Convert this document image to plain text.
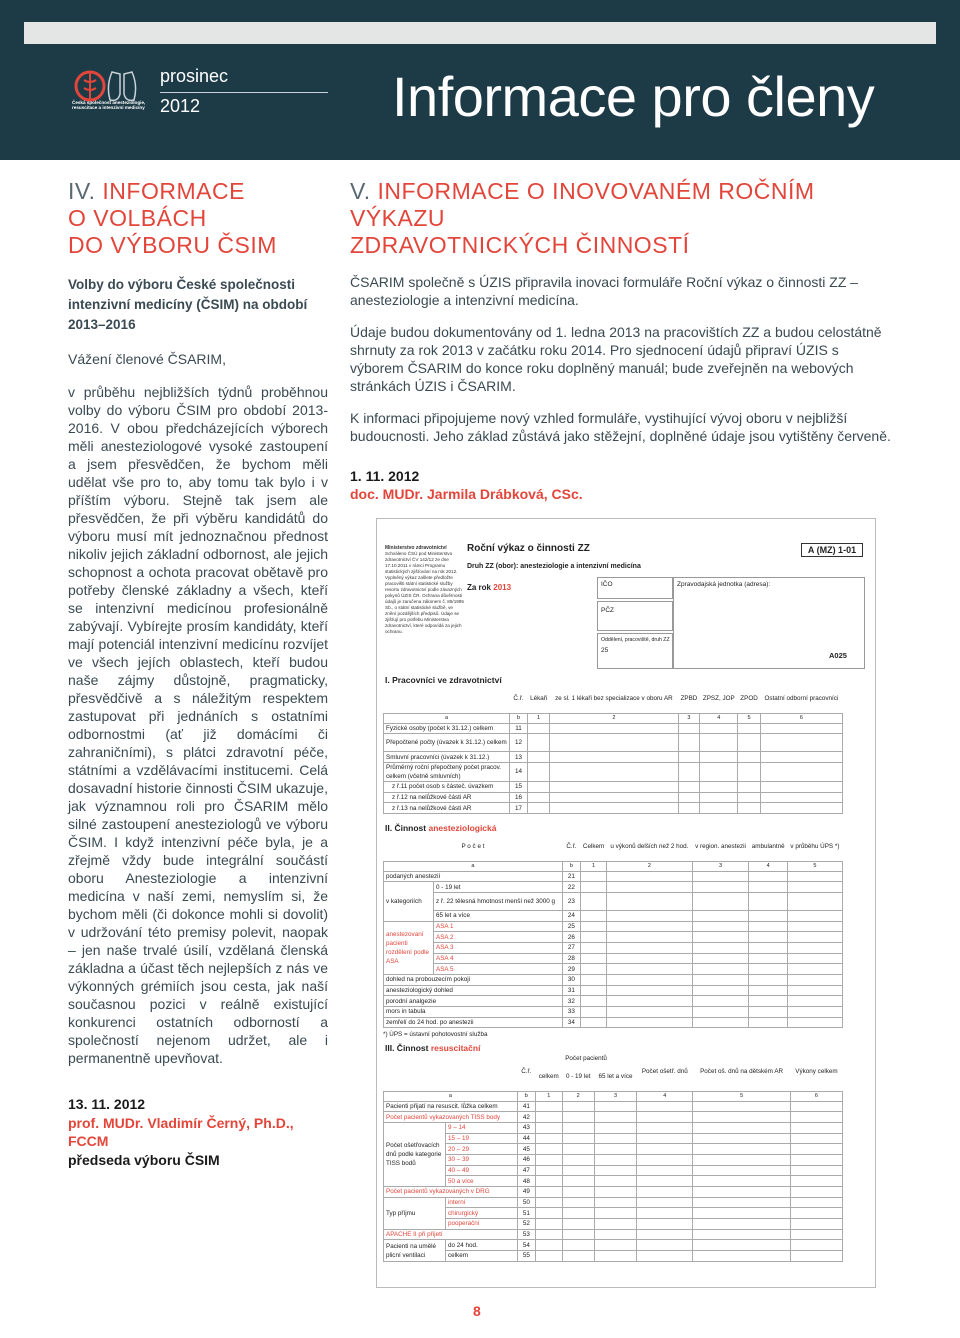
Česká společnost anesteziologie, resuscitace a intenzivní medicíny
prosinec
2012	Informace pro členy
IV. INFORMACE
O VOLBÁCH
DO VÝBORU ČSIM
Volby do výboru České společnosti intenzivní medicíny (ČSIM) na období 2013–2016
Vážení členové ČSARIM,
v průběhu nejbližších týdnů proběhnou volby do výboru ČSIM pro období 2013-2016. V obou předcházejících výborech měli anesteziologové vysoké zastoupení a jsem přesvědčen, že bychom měli udělat vše pro to, aby tomu tak bylo i v příštím výboru. Stejně tak jsem ale přesvědčen, že při výběru kandidátů do výboru musí mít jednoznačnou přednost nikoliv jejich základní odbornost, ale jejich schopnost a ochota pracovat obětavě pro potřeby členské základny a všech, kteří se intenzivní medicínou profesionálně zabývají. Vybírejte prosím kandidáty, kteří mají potenciál intenzivní medicínu rozvíjet ve všech jejích oblastech, kteří budou naše zájmy důstojně, pragmaticky, přesvědčivě a s náležitým respektem zastupovat při jednáních s ostatními odbornostmi (ať již domácími či zahraničními), s plátci zdravotní péče, státními a vzdělávacími institucemi. Celá dosavadní historie činnosti ČSIM ukazuje, jak významnou roli pro ČSARIM mělo silné zastoupení anesteziologů ve výboru ČSIM. I když intenzivní péče byla, je a zřejmě vždy bude integrální součástí oboru Anesteziologie a intenzivní medicína v naší zemi, nemyslím si, že bychom měli (či dokonce mohli si dovolit) v udržování této premisy polevit, naopak – jen naše trvalé úsilí, vzdělaná členská základna a účast těch nejlepších z nás ve výkonných grémiích jsou cesta, jak naší současnou pozici v reálně existující konkurenci ostatních odborností a společností nejenom udržet, ale i permanentně upevňovat.
13. 11. 2012
prof. MUDr. Vladimír Černý, Ph.D., FCCM
předseda výboru ČSIM
V. INFORMACE O INOVOVANÉM ROČNÍM VÝKAZU
ZDRAVOTNICKÝCH ČINNOSTÍ

ČSARIM společně s ÚZIS připravila inovaci formuláře Roční výkaz o činnosti ZZ – anesteziologie a intenzivní medicína.

Údaje budou dokumentovány od 1. ledna 2013 na pracovištích ZZ a budou celostátně shrnuty za rok 2013 v začátku roku 2014. Pro sjednocení údajů připraví ÚZIS s výborem ČSARIM do konce roku doplněný manuál; bude zveřejněn na webových stránkách ÚZIS i ČSARIM.

K informaci připojujeme nový vzhled formuláře, vystihující vývoj oboru v nejbližší budoucnosti. Jeho základ zůstává jako stěžejní, doplněné údaje jsou vytištěny červeně.

1. 11. 2012
doc. MUDr. Jarmila Drábková, CSc.
Ministerstvo zdravotnictví
Schváleno ČSÚ pod Ministerstvo zdravotnictví ČV 142/12 ze dne 17.10.2011 v rámci Programu statistických zjišťování na rok 2012. Vyplněný výkaz zašlete předložte pracovišti státní statistické služby resortu zdravotnictví podle závazných pokynů ÚZIS ČR. Ochrana důvěrnosti údajů je zaručena zákonem č. 89/1995 Sb., o státní statistické službě, ve znění pozdějších předpisů. Údaje se zjišťují pro potřebu Ministerstva zdravotnictví, které odpovídá za jejich ochranu.
Roční výkaz o činnosti ZZ	A (MZ) 1-01
Druh ZZ (obor): anesteziologie a intenzivní medicína
Za rok 2013	IČO	Zpravodajská jednotka (adresa):
PČZ
Oddělení, pracoviště, druh ZZ
25
A025
I. Pracovníci ve zdravotnictví
	Č.ř.	Lékaři	ze sl. 1 lékaři bez specializace v oboru AR	ZPBD	ZPSZ, JOP	ZPOD	Ostatní odborní pracovníci
a	b	1	2	3	4	5	6
Fyzické osoby (počet k 31.12.) celkem	11						
Přepočtené počty (úvazek k 31.12.) celkem	12						
Smluvní pracovníci (úvazek k 31.12.)	13						
Průměrný roční přepočtený počet pracov. celkem (včetně smluvních)	14						
z ř.11 počet osob s částeč. úvazkem	15						
z ř.12 na nelůžkové části AR	16						
z ř.13 na nelůžkové části AR	17						
II. Činnost anesteziologická
P o č e t		Č.ř.	Celkem	u výkonů delších než 2 hod.	v region. anestezii	ambulantně	v průběhu ÚPS *)
a		b	1	2	3	4	5
podaných anestezií		21					
v kategoriích	0 - 19 let	22					
	z ř. 22 tělesná hmotnost menší než 3000 g	23					
	65 let a více	24					
anestezovaní pacienti rozdělení podle ASA	ASA 1	25					
	ASA 2	26					
	ASA 3	27					
	ASA 4	28					
	ASA 5	29					
dohled na probouzecím pokoji		30					
anesteziologický dohled		31					
porodní analgezie		32					
mors in tabula		33					
zemřelí do 24 hod. po anestezii		34					
*) ÚPS = ústavní pohotovostní služba
III. Činnost resuscitační
		Č.ř.	Počet pacientů			Počet ošetř. dnů	Počet oš. dnů na dětském AR	Výkony celkem
			celkem	0 - 19 let	65 let a více			
a		b	1	2	3	4	5	6
Pacienti přijatí na resuscit. lůžka celkem		41						
Počet pacientů vykazovaných TISS body		42						
Počet ošetřovacích dnů podle kategorie TISS bodů	9 – 14	43						
	15 – 19	44						
	20 – 29	45						
	30 – 39	46						
	40 – 49	47						
	50 a více	48						
Počet pacientů vykazovaných v DRG		49						
Typ příjmu	interní	50						
	chirurgický	51						
	pooperační	52						
APACHE II při přijetí		53						
Pacienti na umělé plicní ventilaci	do 24 hod.	54						
	celkem	55						
8
